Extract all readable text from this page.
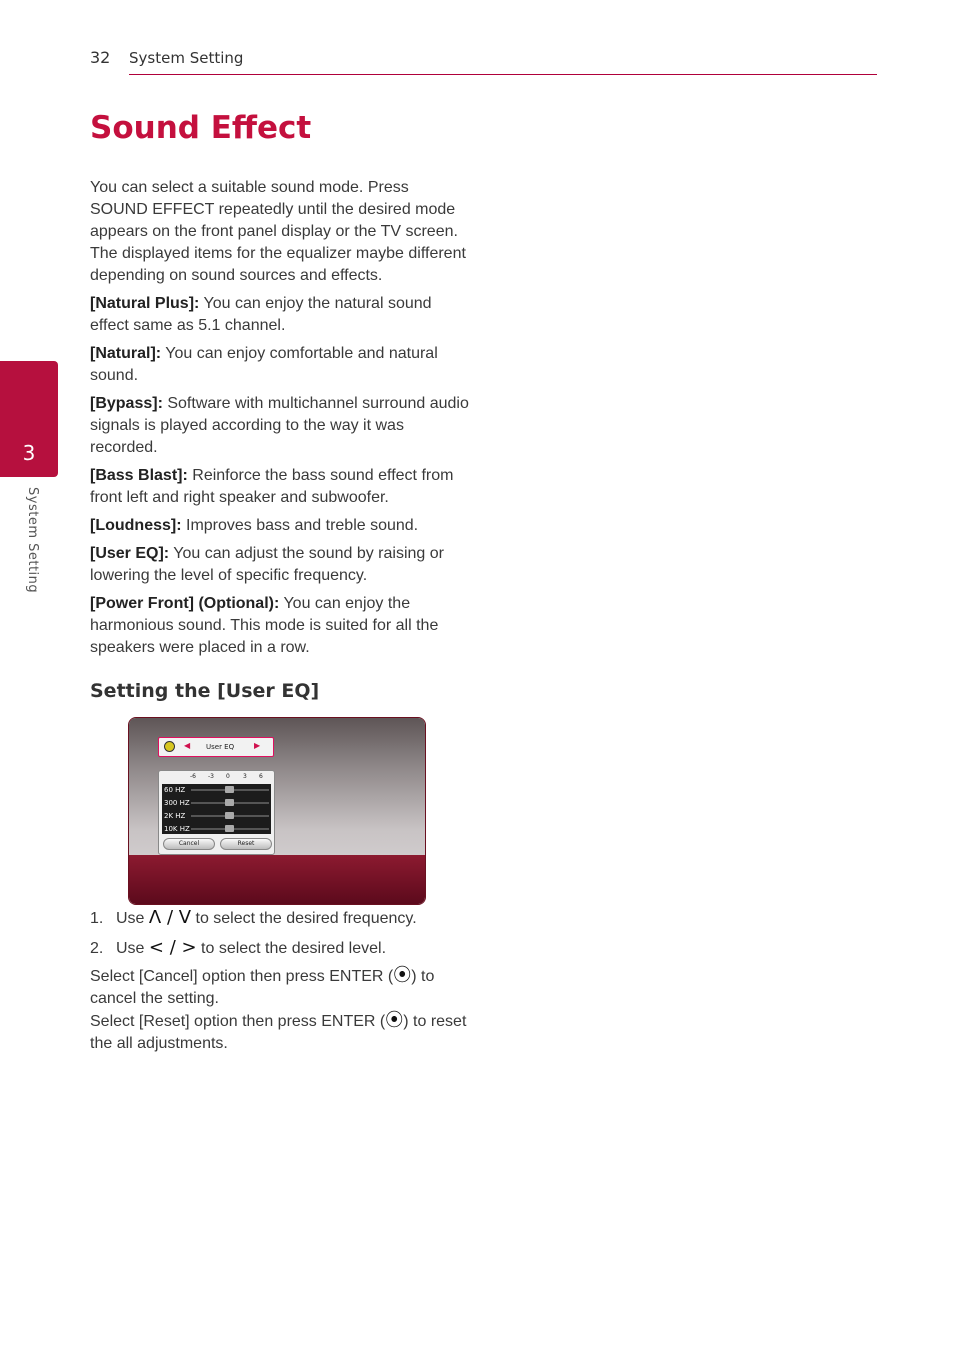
32 System Setting
3
System Setting
Sound Effect

You can select a suitable sound mode. Press SOUND EFFECT repeatedly until the desired mode appears on the front panel display or the TV screen. The displayed items for the equalizer maybe different depending on sound sources and effects.

[Natural Plus]: You can enjoy the natural sound effect same as 5.1 channel.

[Natural]: You can enjoy comfortable and natural sound.

[Bypass]: Software with multichannel surround audio signals is played according to the way it was recorded.

[Bass Blast]: Reinforce the bass sound effect from front left and right speaker and subwoofer.

[Loudness]: Improves bass and treble sound.

[User EQ]: You can adjust the sound by raising or lowering the level of specific frequency.

[Power Front] (Optional): You can enjoy the harmonious sound. This mode is suited for all the speakers were placed in a row.

Setting the [User EQ]
◀ User EQ ▶
-6 -3 0 3 6
60 HZ
300 HZ
2K HZ
10K HZ
Cancel	Reset
1. Use Λ / V to select the desired frequency.
2. Use < / > to select the desired level.

Select [Cancel] option then press ENTER (⦿) to cancel the setting.

Select [Reset] option then press ENTER (⦿) to reset the all adjustments.
